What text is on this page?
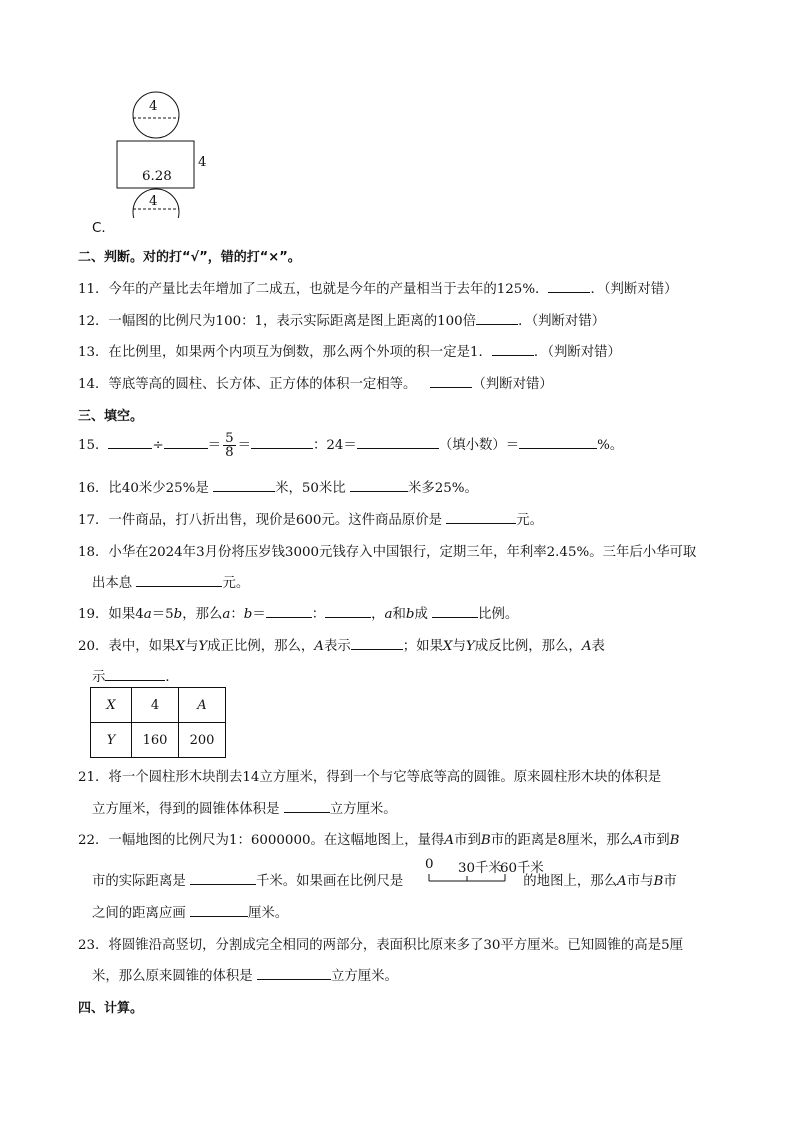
4
6.28
4
4
C.
二、判断。对的打“√”，错的打“×”。
11．今年的产量比去年增加了二成五，也就是今年的产量相当于去年的125%．	．（判断对错）
12．一幅图的比例尺为100：1，表示实际距离是图上距离的100倍	．（判断对错）
13．在比例里，如果两个内项互为倒数，那么两个外项的积一定是1．	．（判断对错）
14．等底等高的圆柱、长方体、正方体的体积一定相等。	（判断对错）
三、填空。
15．	÷	＝ $\frac{5}{8}$ ＝	：24＝	（填小数）＝	%。
16．比40米少25%是	米，50米比	米多25%。
17．一件商品，打八折出售，现价是600元。这件商品原价是	元。
18．小华在2024年3月份将压岁钱3000元钱存入中国银行，定期三年，年利率2.45%。三年后小华可取
出本息	元。
19．如果4a＝5b，那么a：b＝	：	，a和b成	比例。
20．表中，如果X与Y成正比例，那么，A表示	；如果X与Y成反比例，那么，A表
示	．
X	4	A
Y	160	200
21．将一个圆柱形木块削去14立方厘米，得到一个与它等底等高的圆锥。原来圆柱形木块的体积是
立方厘米，得到的圆锥体体积是	立方厘米。
22．一幅地图的比例尺为1：6000000。在这幅地图上，量得A市到B市的距离是8厘米，那么A市到B
市的实际距离是	千米。如果画在比例尺是	的地图上，那么A市与B市
0 30千米
60千米
之间的距离应画	厘米。
23．将圆锥沿高竖切，分割成完全相同的两部分，表面积比原来多了30平方厘米。已知圆锥的高是5厘
米，那么原来圆锥的体积是	立方厘米。
四、计算。
